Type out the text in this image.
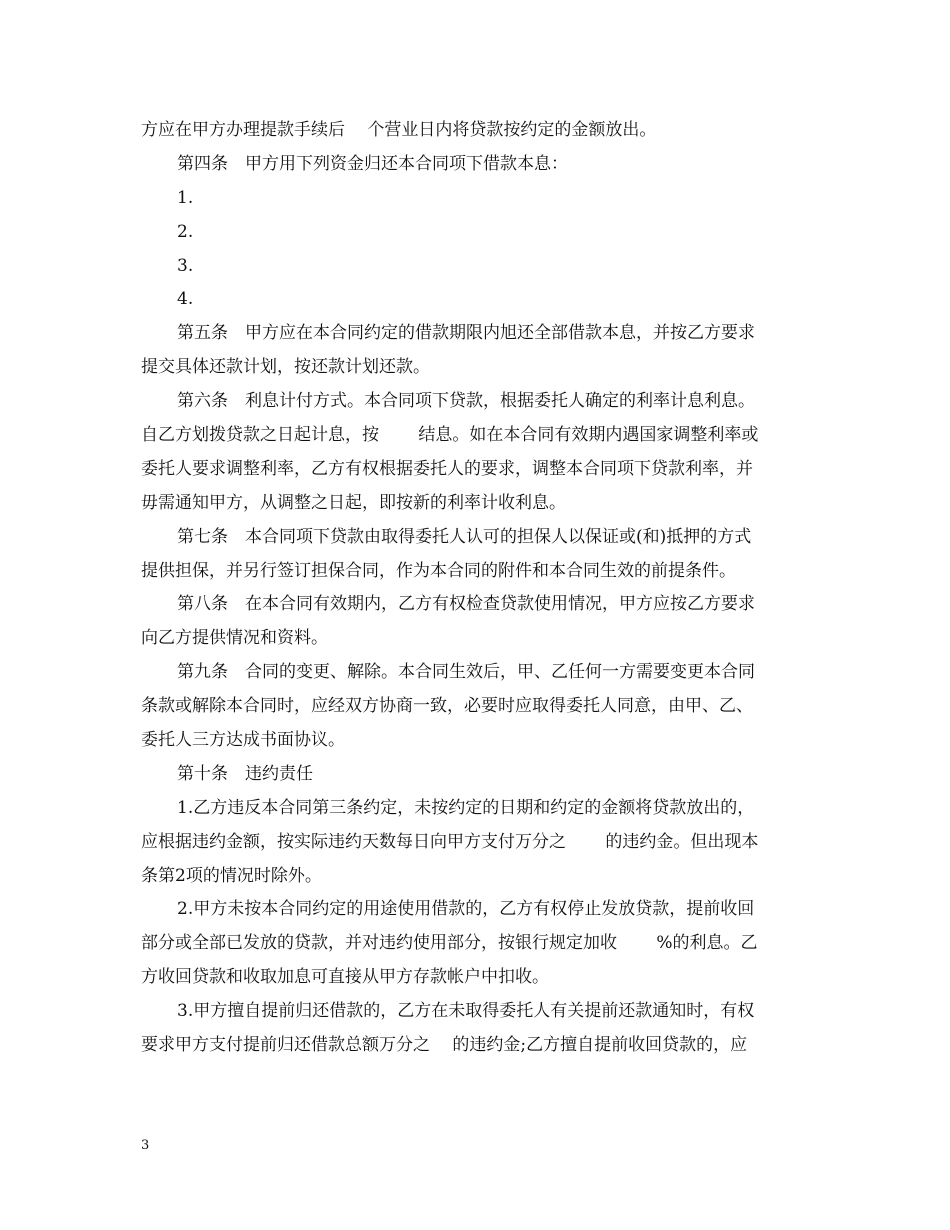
方应在甲方办理提款手续后　 个营业日内将贷款按约定的金额放出。
第四条　甲方用下列资金归还本合同项下借款本息：
1.
2.
3.
4.
第五条　甲方应在本合同约定的借款期限内旭还全部借款本息，并按乙方要求
提交具体还款计划，按还款计划还款。
第六条　利息计付方式。本合同项下贷款，根据委托人确定的利率计息利息。
自乙方划拨贷款之日起计息，按　　 结息。如在本合同有效期内遇国家调整利率或
委托人要求调整利率，乙方有权根据委托人的要求，调整本合同项下贷款利率，并
毋需通知甲方，从调整之日起，即按新的利率计收利息。
第七条　本合同项下贷款由取得委托人认可的担保人以保证或(和)抵押的方式
提供担保，并另行签订担保合同，作为本合同的附件和本合同生效的前提条件。
第八条　在本合同有效期内，乙方有权检查贷款使用情况，甲方应按乙方要求
向乙方提供情况和资料。
第九条　合同的变更、解除。本合同生效后，甲、乙任何一方需要变更本合同
条款或解除本合同时，应经双方协商一致，必要时应取得委托人同意，由甲、乙、
委托人三方达成书面协议。
第十条　违约责任
1.乙方违反本合同第三条约定，未按约定的日期和约定的金额将贷款放出的，
应根据违约金额，按实际违约天数每日向甲方支付万分之　　 的违约金。但出现本
条第2项的情况时除外。
2.甲方未按本合同约定的用途使用借款的，乙方有权停止发放贷款，提前收回
部分或全部已发放的贷款，并对违约使用部分，按银行规定加收　　 %的利息。乙
方收回贷款和收取加息可直接从甲方存款帐户中扣收。
3.甲方擅自提前归还借款的，乙方在未取得委托人有关提前还款通知时，有权
要求甲方支付提前归还借款总额万分之　 的违约金;乙方擅自提前收回贷款的，应
3
